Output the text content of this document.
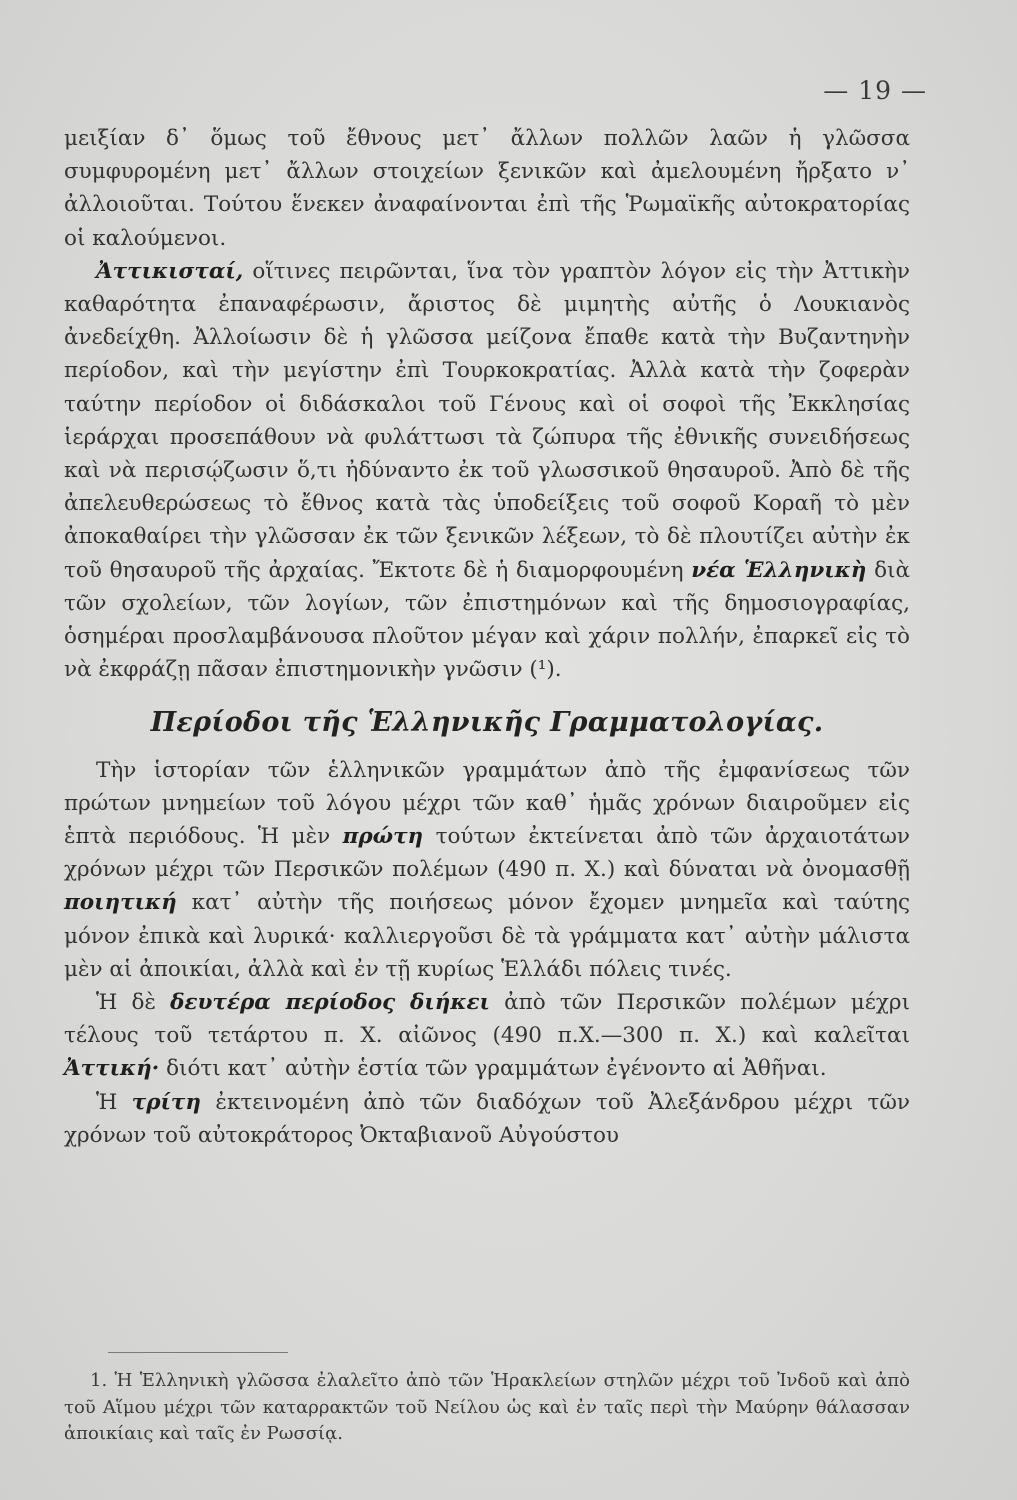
— 19 —

μειξίαν δ᾽ ὅμως τοῦ ἔθνους μετ᾽ ἄλλων πολλῶν λαῶν ἡ γλῶσσα συμφυρομένη μετ᾽ ἄλλων στοιχείων ξενικῶν καὶ ἀμελουμένη ἤρξατο ν᾽ ἀλλοιοῦται. Τούτου ἕνεκεν ἀναφαίνονται ἐπὶ τῆς Ῥωμαϊκῆς αὐτοκρατορίας οἱ καλούμενοι.

Ἀττικισταί, οἵτινες πειρῶνται, ἵνα τὸν γραπτὸν λόγον εἰς τὴν Ἀττικὴν καθαρότητα ἐπαναφέρωσιν, ἄριστος δὲ μιμητὴς αὐτῆς ὁ Λουκιανὸς ἀνεδείχθη. Ἀλλοίωσιν δὲ ἡ γλῶσσα μείζονα ἔπαθε κατὰ τὴν Βυζαντηνὴν περίοδον, καὶ τὴν μεγίστην ἐπὶ Τουρκοκρατίας. Ἀλλὰ κατὰ τὴν ζοφερὰν ταύτην περίοδον οἱ διδάσκαλοι τοῦ Γένους καὶ οἱ σοφοὶ τῆς Ἐκκλησίας ἱεράρχαι προσεπάθουν νὰ φυλάττωσι τὰ ζώπυρα τῆς ἐθνικῆς συνειδήσεως καὶ νὰ περισῴζωσιν ὅ,τι ἠδύναντο ἐκ τοῦ γλωσσικοῦ θησαυροῦ. Ἀπὸ δὲ τῆς ἀπελευθερώσεως τὸ ἔθνος κατὰ τὰς ὑποδείξεις τοῦ σοφοῦ Κοραῆ τὸ μὲν ἀποκαθαίρει τὴν γλῶσσαν ἐκ τῶν ξενικῶν λέξεων, τὸ δὲ πλουτίζει αὐτὴν ἐκ τοῦ θησαυροῦ τῆς ἀρχαίας. Ἔκτοτε δὲ ἡ διαμορφουμένη νέα Ἑλληνικὴ διὰ τῶν σχολείων, τῶν λογίων, τῶν ἐπιστημόνων καὶ τῆς δημοσιογραφίας, ὁσημέραι προσλαμβάνουσα πλοῦτον μέγαν καὶ χάριν πολλήν, ἐπαρκεῖ εἰς τὸ νὰ ἐκφράζῃ πᾶσαν ἐπιστημονικὴν γνῶσιν (¹).

Περίοδοι τῆς Ἑλληνικῆς Γραμματολογίας.

Τὴν ἱστορίαν τῶν ἑλληνικῶν γραμμάτων ἀπὸ τῆς ἐμφανίσεως τῶν πρώτων μνημείων τοῦ λόγου μέχρι τῶν καθ᾽ ἡμᾶς χρόνων διαιροῦμεν εἰς ἑπτὰ περιόδους. Ἡ μὲν πρώτη τούτων ἐκτείνεται ἀπὸ τῶν ἀρχαιοτάτων χρόνων μέχρι τῶν Περσικῶν πολέμων (490 π. Χ.) καὶ δύναται νὰ ὀνομασθῇ ποιητική κατ᾽ αὐτὴν τῆς ποιήσεως μόνον ἔχομεν μνημεῖα καὶ ταύτης μόνον ἐπικὰ καὶ λυρικά· καλλιεργοῦσι δὲ τὰ γράμματα κατ᾽ αὐτὴν μάλιστα μὲν αἱ ἀποικίαι, ἀλλὰ καὶ ἐν τῇ κυρίως Ἑλλάδι πόλεις τινές.

Ἡ δὲ δευτέρα περίοδος διήκει ἀπὸ τῶν Περσικῶν πολέμων μέχρι τέλους τοῦ τετάρτου π. Χ. αἰῶνος (490 π.Χ.—300 π. Χ.) καὶ καλεῖται Ἀττική· διότι κατ᾽ αὐτὴν ἑστία τῶν γραμμάτων ἐγένοντο αἱ Ἀθῆναι.

Ἡ τρίτη ἐκτεινομένη ἀπὸ τῶν διαδόχων τοῦ Ἀλεξάνδρου μέχρι τῶν χρόνων τοῦ αὐτοκράτορος Ὀκταβιανοῦ Αὐγούστου

1. Ἡ Ἑλληνικὴ γλῶσσα ἐλαλεῖτο ἀπὸ τῶν Ἡρακλείων στηλῶν μέχρι τοῦ Ἰνδοῦ καὶ ἀπὸ τοῦ Αἵμου μέχρι τῶν καταρρακτῶν τοῦ Νείλου ὡς καὶ ἐν ταῖς περὶ τὴν Μαύρην θάλασσαν ἀποικίαις καὶ ταῖς ἐν Ρωσσίᾳ.
